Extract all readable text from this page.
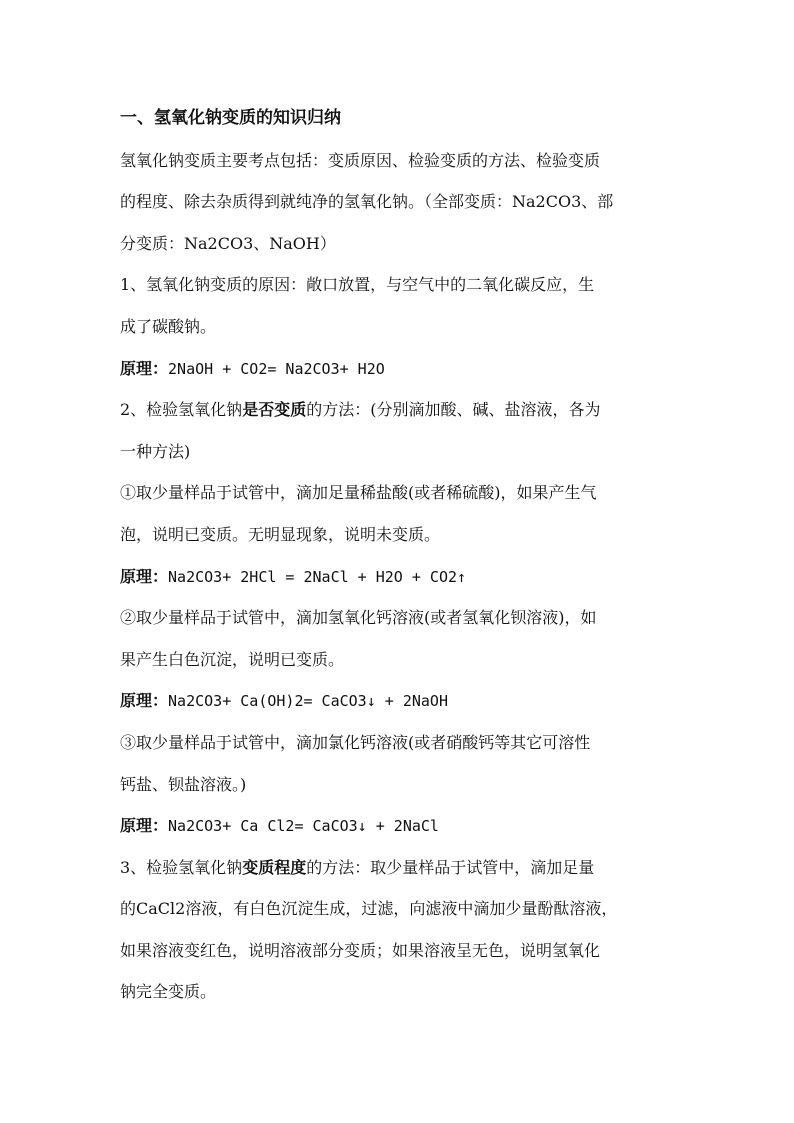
一、氢氧化钠变质的知识归纳
氢氧化钠变质主要考点包括：变质原因、检验变质的方法、检验变质
的程度、除去杂质得到就纯净的氢氧化钠。（全部变质：Na2CO3、部
分变质：Na2CO3、NaOH）
1、氢氧化钠变质的原因：敞口放置，与空气中的二氧化碳反应，生
成了碳酸钠。
原理：2NaOH + CO2= Na2CO3+ H2O
2、检验氢氧化钠是否变质的方法：(分别滴加酸、碱、盐溶液，各为
一种方法)
①取少量样品于试管中，滴加足量稀盐酸(或者稀硫酸)，如果产生气
泡，说明已变质。无明显现象，说明未变质。
原理：Na2CO3+ 2HCl = 2NaCl + H2O + CO2↑
②取少量样品于试管中，滴加氢氧化钙溶液(或者氢氧化钡溶液)，如
果产生白色沉淀，说明已变质。
原理：Na2CO3+ Ca(OH)2= CaCO3↓ + 2NaOH
③取少量样品于试管中，滴加氯化钙溶液(或者硝酸钙等其它可溶性
钙盐、钡盐溶液。)
原理：Na2CO3+ Ca Cl2= CaCO3↓ + 2NaCl
3、检验氢氧化钠变质程度的方法：取少量样品于试管中，滴加足量
的CaCl2溶液，有白色沉淀生成，过滤，向滤液中滴加少量酚酞溶液，
如果溶液变红色，说明溶液部分变质；如果溶液呈无色，说明氢氧化
钠完全变质。
